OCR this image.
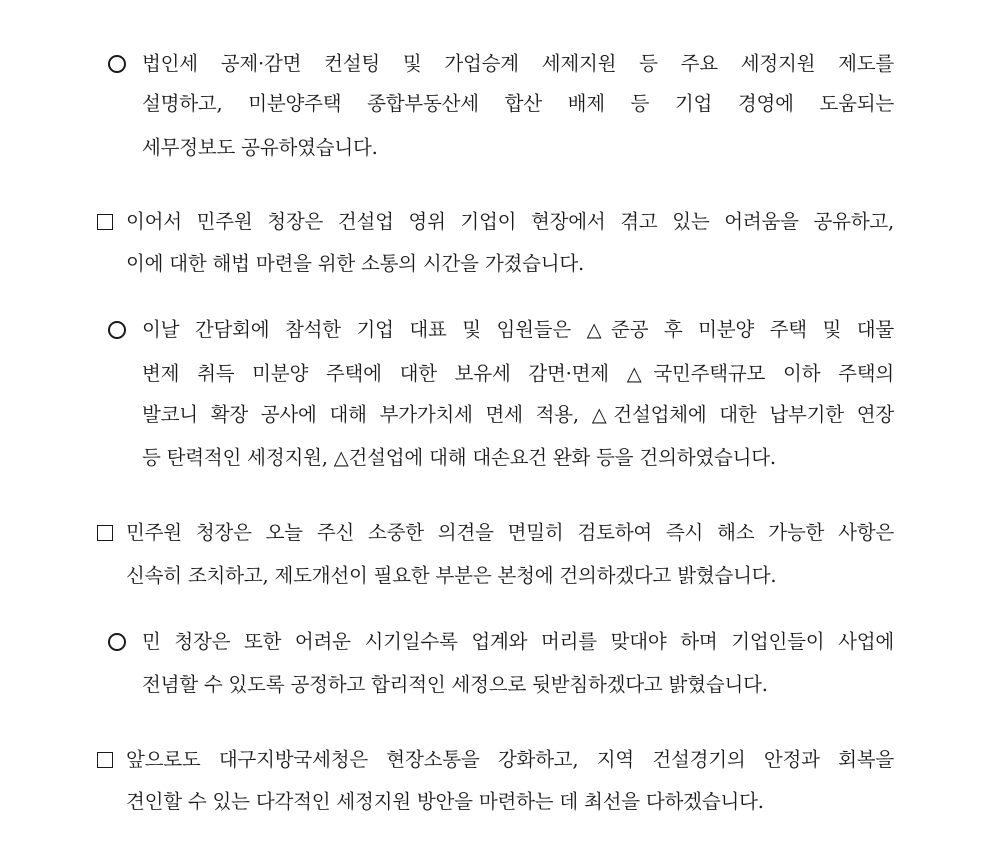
법인세 공제·감면 컨설팅 및 가업승계 세제지원 등 주요 세정지원 제도를
설명하고, 미분양주택 종합부동산세 합산 배제 등 기업 경영에 도움되는
세무정보도 공유하였습니다.
이어서 민주원 청장은 건설업 영위 기업이 현장에서 겪고 있는 어려움을 공유하고,
이에 대한 해법 마련을 위한 소통의 시간을 가졌습니다.
이날 간담회에 참석한 기업 대표 및 임원들은 △준공 후 미분양 주택 및 대물
변제 취득 미분양 주택에 대한 보유세 감면·면제 △국민주택규모 이하 주택의
발코니 확장 공사에 대해 부가가치세 면세 적용, △건설업체에 대한 납부기한 연장
등 탄력적인 세정지원, △건설업에 대해 대손요건 완화 등을 건의하였습니다.
민주원 청장은 오늘 주신 소중한 의견을 면밀히 검토하여 즉시 해소 가능한 사항은
신속히 조치하고, 제도개선이 필요한 부분은 본청에 건의하겠다고 밝혔습니다.
민 청장은 또한 어려운 시기일수록 업계와 머리를 맞대야 하며 기업인들이 사업에
전념할 수 있도록 공정하고 합리적인 세정으로 뒷받침하겠다고 밝혔습니다.
앞으로도 대구지방국세청은 현장소통을 강화하고, 지역 건설경기의 안정과 회복을
견인할 수 있는 다각적인 세정지원 방안을 마련하는 데 최선을 다하겠습니다.
